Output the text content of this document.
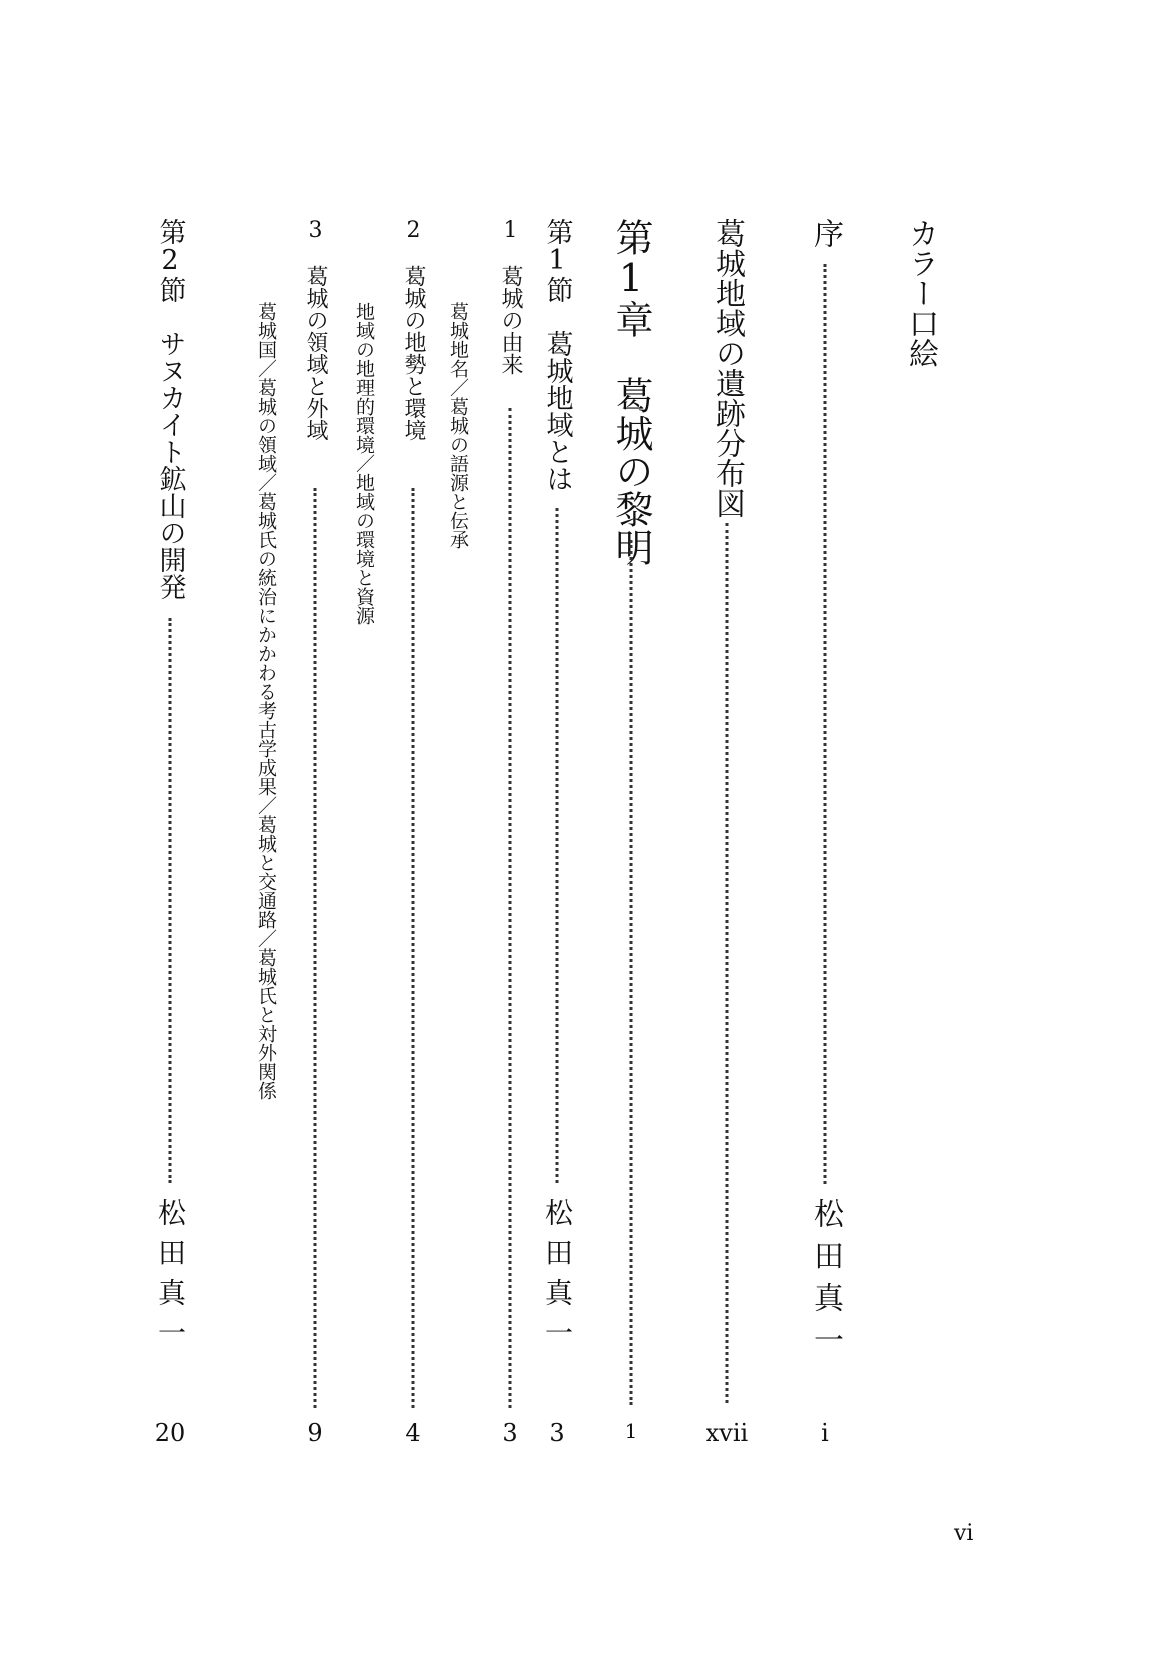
カラー口絵
序
松田真一
i
葛城地域の遺跡分布図
xvii
第1章　葛城の黎明
1
第1節　葛城地域とは
松田真一
3
1　葛城の由来
3
葛城地名／葛城の語源と伝承
2　葛城の地勢と環境
4
地域の地理的環境／地域の環境と資源
3　葛城の領域と外域
9
葛城国／葛城の領域／葛城氏の統治にかかわる考古学成果／葛城と交通路／葛城氏と対外関係
第2節　サヌカイト鉱山の開発
松田真一
20
vi
